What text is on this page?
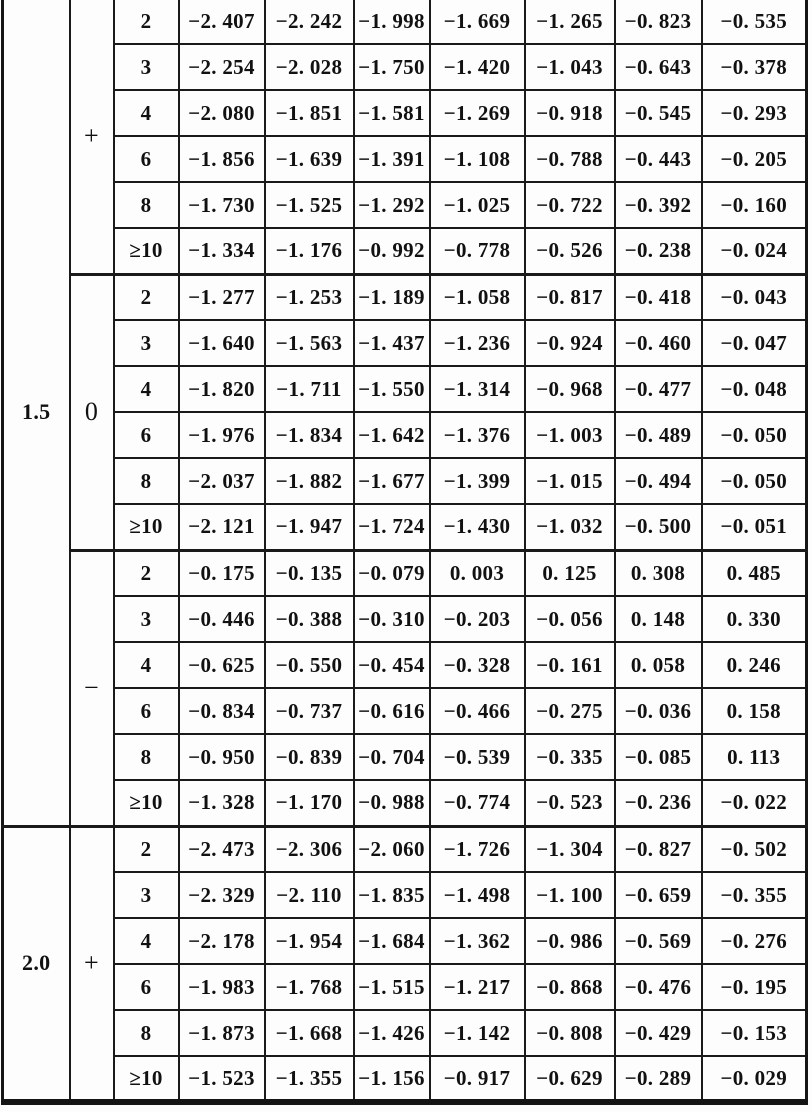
1.5	+	2	−2. 407	−2. 242	−1. 998	−1. 669	−1. 265	−0. 823	−0. 535
		3	−2. 254	−2. 028	−1. 750	−1. 420	−1. 043	−0. 643	−0. 378
		4	−2. 080	−1. 851	−1. 581	−1. 269	−0. 918	−0. 545	−0. 293
		6	−1. 856	−1. 639	−1. 391	−1. 108	−0. 788	−0. 443	−0. 205
		8	−1. 730	−1. 525	−1. 292	−1. 025	−0. 722	−0. 392	−0. 160
		≥10	−1. 334	−1. 176	−0. 992	−0. 778	−0. 526	−0. 238	−0. 024
	0	2	−1. 277	−1. 253	−1. 189	−1. 058	−0. 817	−0. 418	−0. 043
		3	−1. 640	−1. 563	−1. 437	−1. 236	−0. 924	−0. 460	−0. 047
		4	−1. 820	−1. 711	−1. 550	−1. 314	−0. 968	−0. 477	−0. 048
		6	−1. 976	−1. 834	−1. 642	−1. 376	−1. 003	−0. 489	−0. 050
		8	−2. 037	−1. 882	−1. 677	−1. 399	−1. 015	−0. 494	−0. 050
		≥10	−2. 121	−1. 947	−1. 724	−1. 430	−1. 032	−0. 500	−0. 051
	−	2	−0. 175	−0. 135	−0. 079	0. 003	0. 125	0. 308	0. 485
		3	−0. 446	−0. 388	−0. 310	−0. 203	−0. 056	0. 148	0. 330
		4	−0. 625	−0. 550	−0. 454	−0. 328	−0. 161	0. 058	0. 246
		6	−0. 834	−0. 737	−0. 616	−0. 466	−0. 275	−0. 036	0. 158
		8	−0. 950	−0. 839	−0. 704	−0. 539	−0. 335	−0. 085	0. 113
		≥10	−1. 328	−1. 170	−0. 988	−0. 774	−0. 523	−0. 236	−0. 022
2.0	+	2	−2. 473	−2. 306	−2. 060	−1. 726	−1. 304	−0. 827	−0. 502
		3	−2. 329	−2. 110	−1. 835	−1. 498	−1. 100	−0. 659	−0. 355
		4	−2. 178	−1. 954	−1. 684	−1. 362	−0. 986	−0. 569	−0. 276
		6	−1. 983	−1. 768	−1. 515	−1. 217	−0. 868	−0. 476	−0. 195
		8	−1. 873	−1. 668	−1. 426	−1. 142	−0. 808	−0. 429	−0. 153
		≥10	−1. 523	−1. 355	−1. 156	−0. 917	−0. 629	−0. 289	−0. 029
